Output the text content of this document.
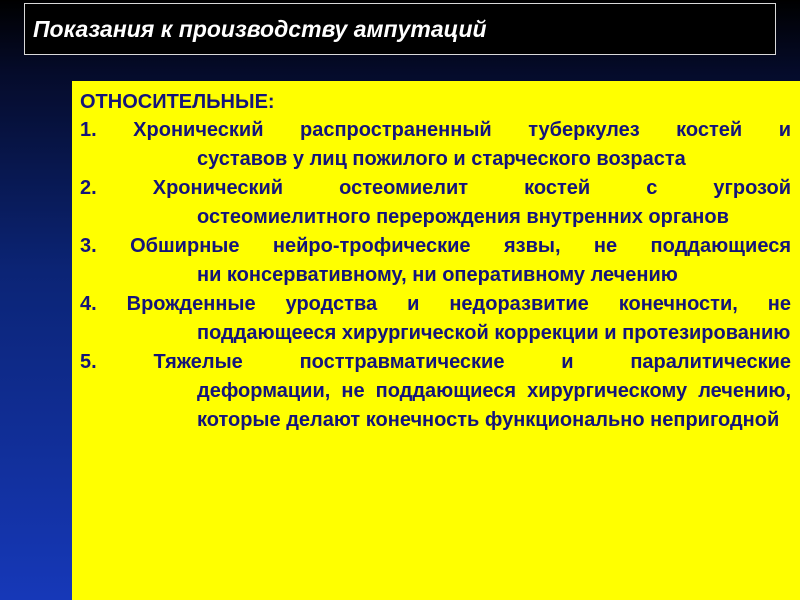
Показания к производству ампутаций
ОТНОСИТЕЛЬНЫЕ:
1. Хронический распространенный туберкулез костей и
суставов у лиц пожилого и старческого возраста
2. Хронический остеомиелит костей с угрозой
остеомиелитного перерождения внутренних органов
3. Обширные нейро-трофические язвы, не поддающиеся
ни консервативному, ни оперативному лечению
4. Врожденные уродства и недоразвитие конечности, не
поддающееся хирургической коррекции и протезированию
5. Тяжелые посттравматические и паралитические
деформации, не поддающиеся хирургическому лечению, которые делают конечность функционально непригодной
